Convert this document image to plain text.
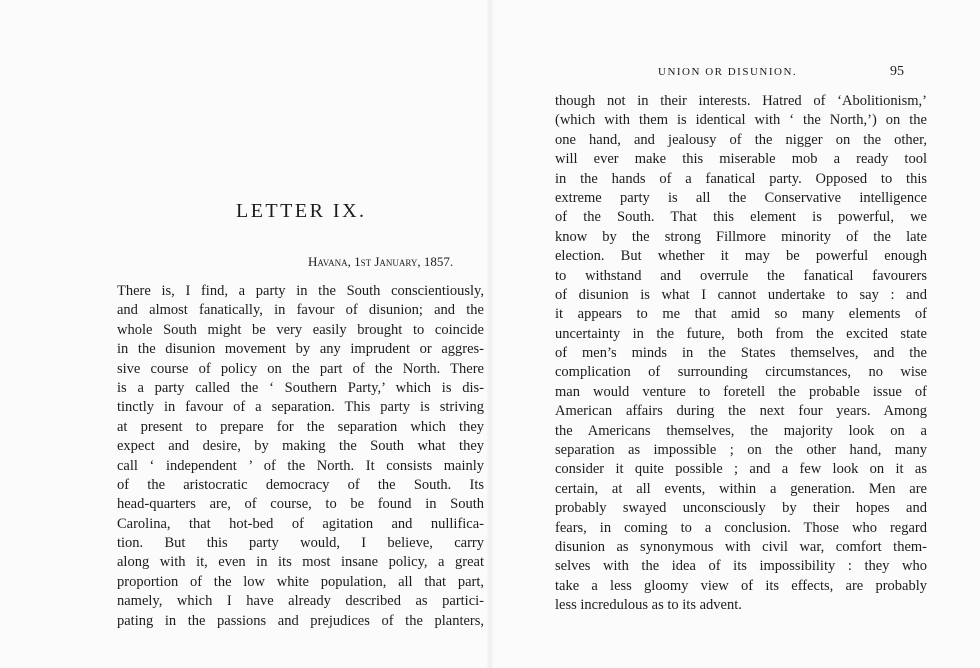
LETTER IX.
Havana, 1st January, 1857.
There is, I find, a party in the South conscientiously,
and almost fanatically, in favour of disunion; and the
whole South might be very easily brought to coincide
in the disunion movement by any imprudent or aggres-
sive course of policy on the part of the North. There
is a party called the ‘ Southern Party,’ which is dis-
tinctly in favour of a separation. This party is striving
at present to prepare for the separation which they
expect and desire, by making the South what they
call ‘ independent ’ of the North. It consists mainly
of the aristocratic democracy of the South. Its
head-quarters are, of course, to be found in South
Carolina, that hot-bed of agitation and nullifica-
tion. But this party would, I believe, carry
along with it, even in its most insane policy, a great
proportion of the low white population, all that part,
namely, which I have already described as partici-
pating in the passions and prejudices of the planters,
UNION OR DISUNION.	95
though not in their interests. Hatred of ‘Abolitionism,’
(which with them is identical with ‘ the North,’) on the
one hand, and jealousy of the nigger on the other,
will ever make this miserable mob a ready tool
in the hands of a fanatical party. Opposed to this
extreme party is all the Conservative intelligence
of the South. That this element is powerful, we
know by the strong Fillmore minority of the late
election. But whether it may be powerful enough
to withstand and overrule the fanatical favourers
of disunion is what I cannot undertake to say : and
it appears to me that amid so many elements of
uncertainty in the future, both from the excited state
of men’s minds in the States themselves, and the
complication of surrounding circumstances, no wise
man would venture to foretell the probable issue of
American affairs during the next four years. Among
the Americans themselves, the majority look on a
separation as impossible ; on the other hand, many
consider it quite possible ; and a few look on it as
certain, at all events, within a generation. Men are
probably swayed unconsciously by their hopes and
fears, in coming to a conclusion. Those who regard
disunion as synonymous with civil war, comfort them-
selves with the idea of its impossibility : they who
take a less gloomy view of its effects, are probably
less incredulous as to its advent.
